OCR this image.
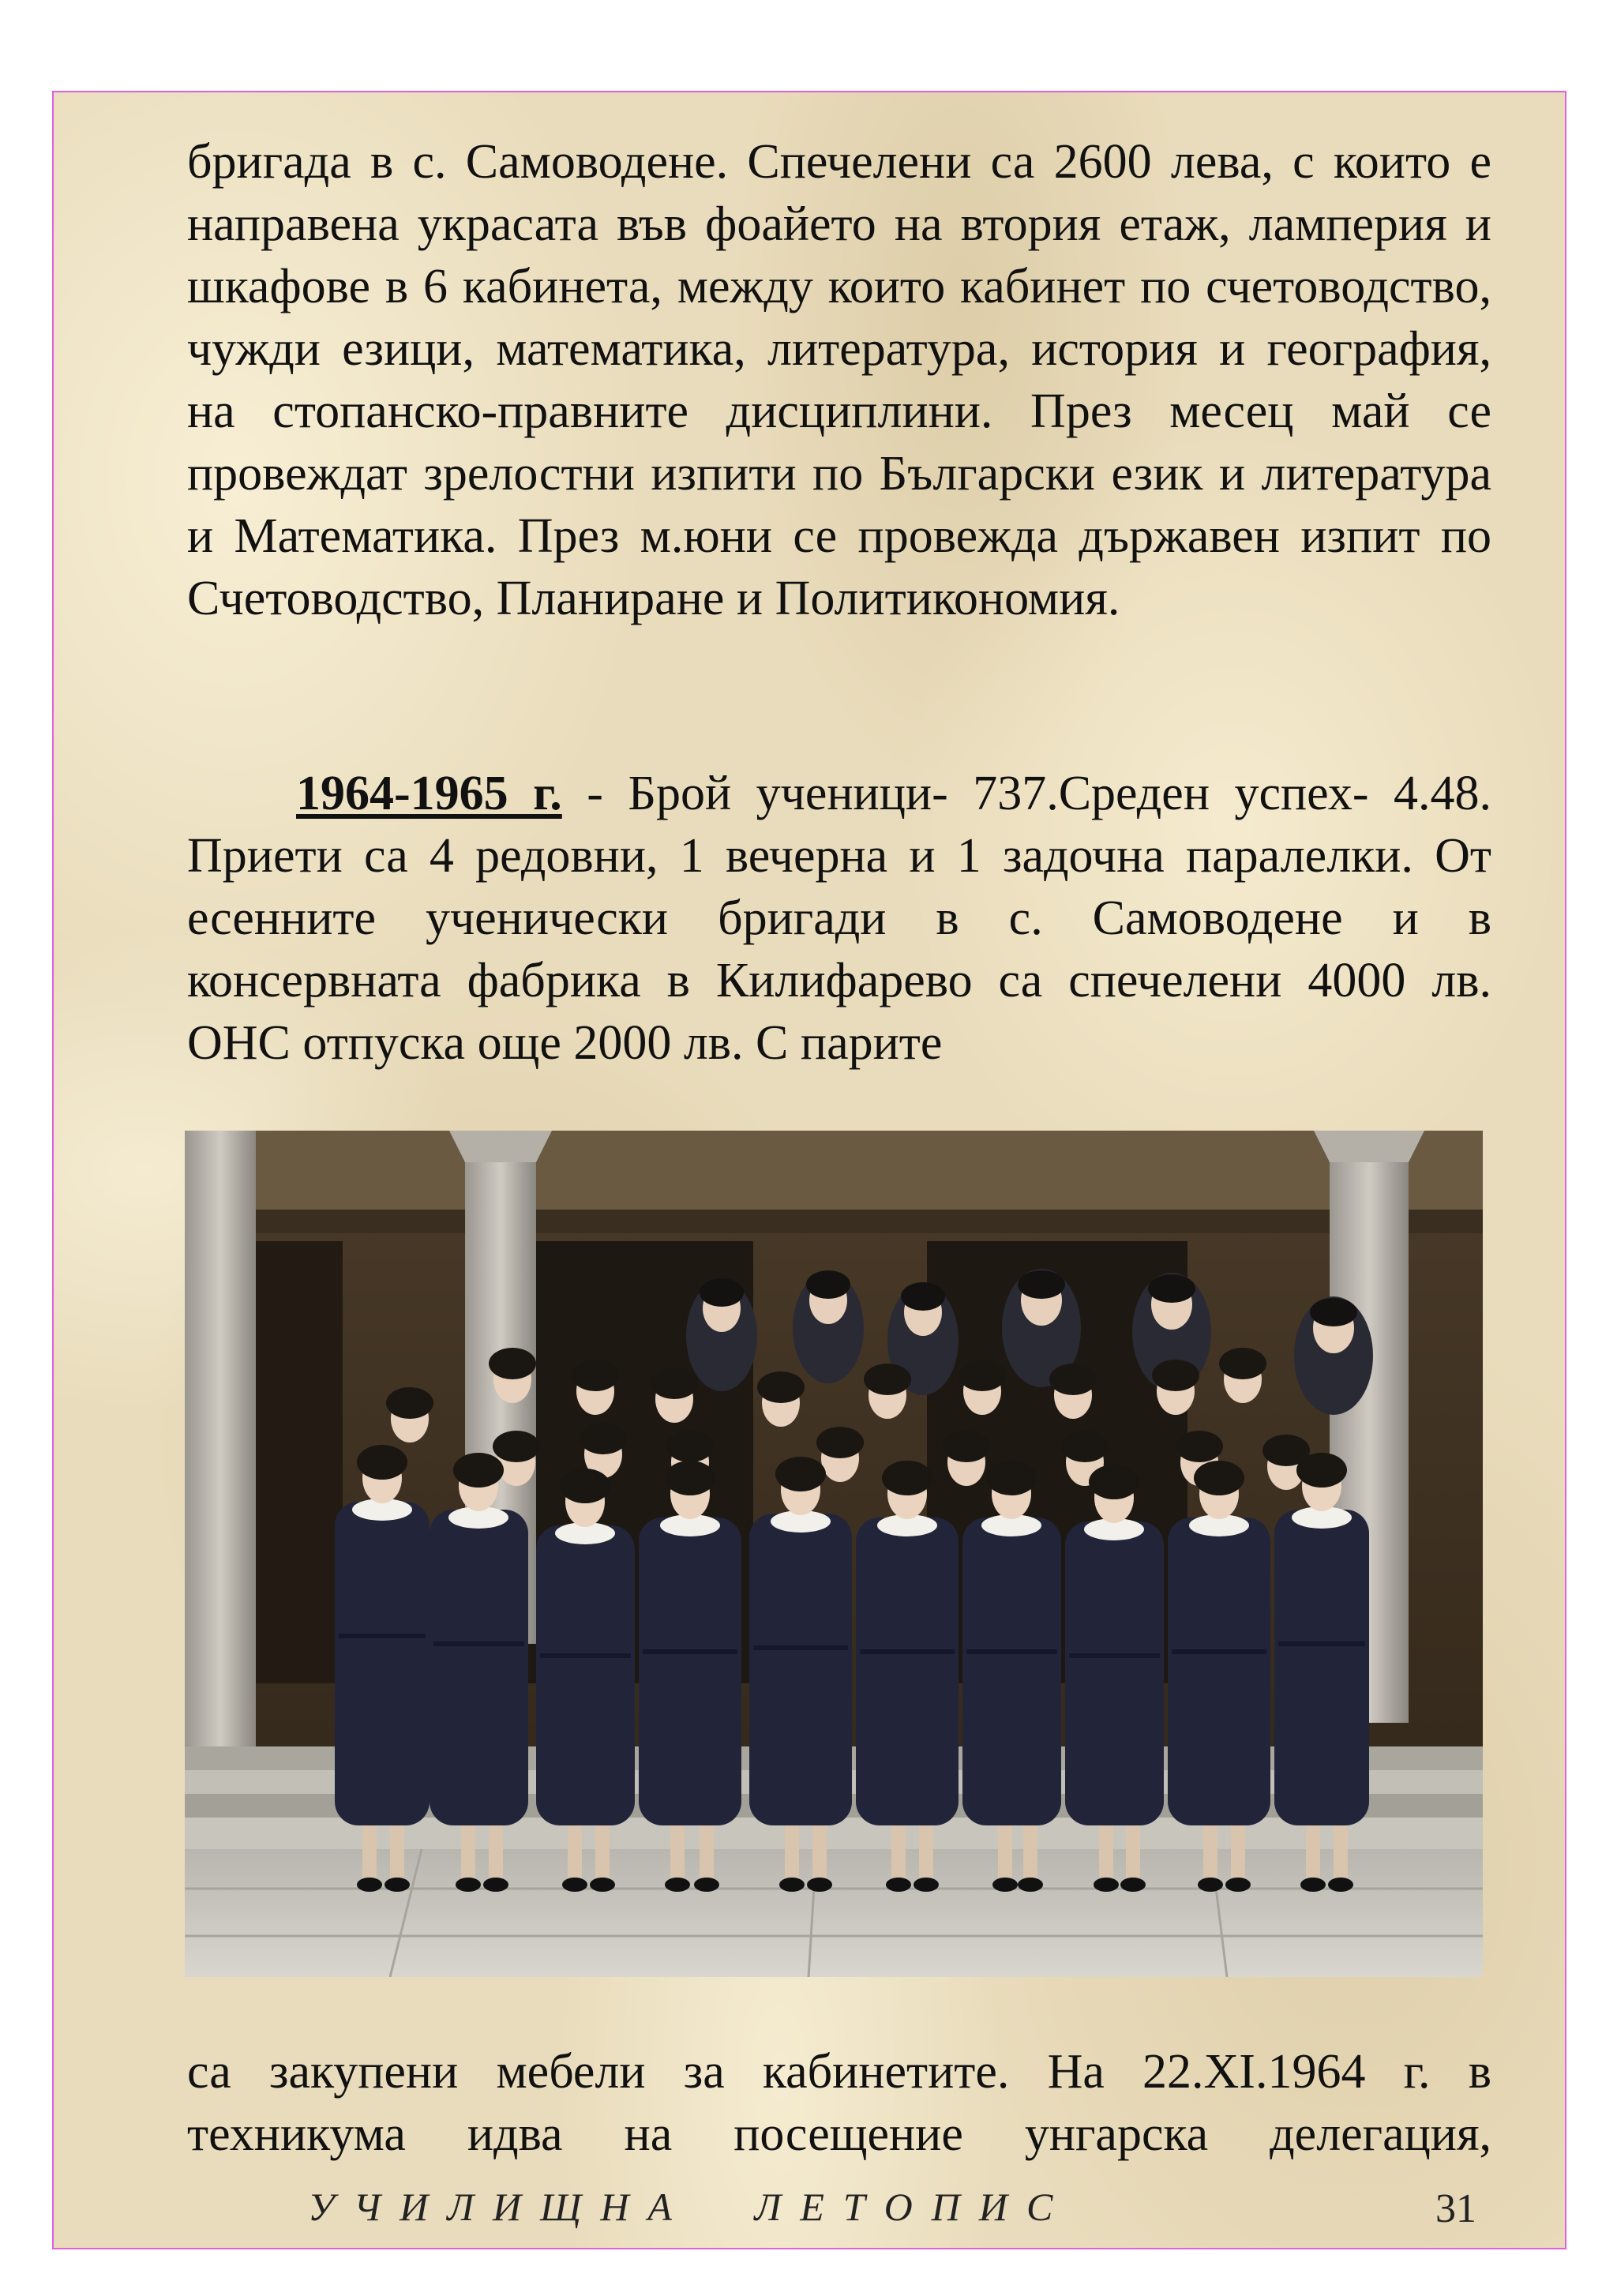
бригада в с. Самоводене. Спечелени са 2600 лева, с които е направена украсата във фоайето на втория етаж, ламперия и шкафове в 6 кабинета, между които кабинет по счетоводство, чужди езици, математика, литература, история и география, на стопанско-правните дисциплини. През месец май се провеждат зрелостни изпити по Български език и литература и Математика. През м.юни се провежда държавен изпит по Счетоводство, Планиране и Политикономия.

1964-1965 г. - Брой ученици- 737.Среден успех- 4.48. Приети са 4 редовни, 1 вечерна и 1 задочна паралелки. От есенните ученически бригади в с. Самоводене и в консервната фабрика в Килифарево са спечелени 4000 лв. ОНС отпуска още 2000 лв. С парите

са закупени мебели за кабинетите. На 22.XI.1964 г. в техникума идва на посещение унгарска делегация,

УЧИЛИЩНА ЛЕТОПИС	31
